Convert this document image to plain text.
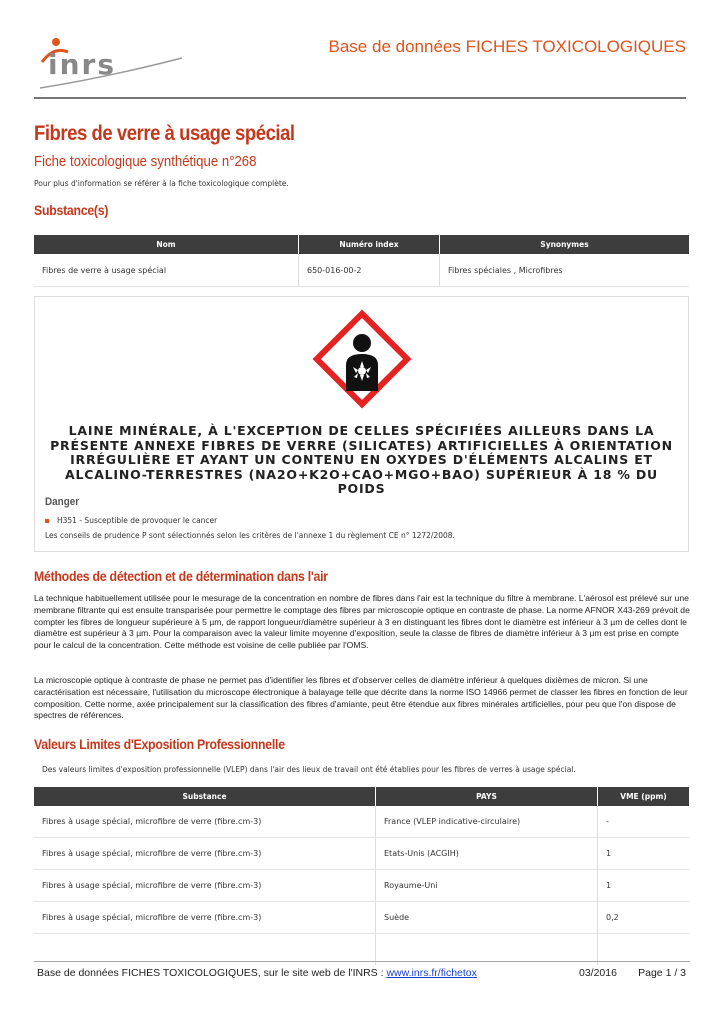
inrs
Base de données FICHES TOXICOLOGIQUES
Fibres de verre à usage spécial
Fiche toxicologique synthétique n°268
Pour plus d'information se référer à la fiche toxicologique complète.
Substance(s)
Nom	Numéro index	Synonymes
Fibres de verre à usage spécial	650-016-00-2	Fibres spéciales , Microfibres
LAINE MINÉRALE, À L'EXCEPTION DE CELLES SPÉCIFIÉES AILLEURS DANS LA PRÉSENTE ANNEXE FIBRES DE VERRE (SILICATES) ARTIFICIELLES À ORIENTATION IRRÉGULIÈRE ET AYANT UN CONTENU EN OXYDES D'ÉLÉMENTS ALCALINS ET ALCALINO-TERRESTRES (NA2O+K2O+CAO+MGO+BAO) SUPÉRIEUR À 18 % DU POIDS
Danger
H351 - Susceptible de provoquer le cancer
Les conseils de prudence P sont sélectionnés selon les critères de l'annexe 1 du règlement CE n° 1272/2008.
Méthodes de détection et de détermination dans l'air

La technique habituellement utilisée pour le mesurage de la concentration en nombre de fibres dans l'air est la technique du filtre à membrane. L'aérosol est prélevé sur une membrane filtrante qui est ensuite transparisée pour permettre le comptage des fibres par microscopie optique en contraste de phase. La norme AFNOR X43-269 prévoit de compter les fibres de longueur supérieure à 5 µm, de rapport longueur/diamètre supérieur à 3 en distinguant les fibres dont le diamètre est inférieur à 3 µm de celles dont le diamètre est supérieur à 3 µm. Pour la comparaison avec la valeur limite moyenne d'exposition, seule la classe de fibres de diamètre inférieur à 3 µm est prise en compte pour le calcul de la concentration. Cette méthode est voisine de celle publiée par l'OMS.

La microscopie optique à contraste de phase ne permet pas d'identifier les fibres et d'observer celles de diamètre inférieur à quelques dixièmes de micron. Si une caractérisation est nécessaire, l'utilisation du microscope électronique à balayage telle que décrite dans la norme ISO 14966 permet de classer les fibres en fonction de leur composition. Cette norme, axée principalement sur la classification des fibres d'amiante, peut être étendue aux fibres minérales artificielles, pour peu que l'on dispose de spectres de références.

Valeurs Limites d'Exposition Professionnelle
Des valeurs limites d'exposition professionnelle (VLEP) dans l'air des lieux de travail ont été établies pour les fibres de verres à usage spécial.
Substance	PAYS	VME (ppm)
Fibres à usage spécial, microfibre de verre (fibre.cm-3)	France (VLEP indicative-circulaire)	-
Fibres à usage spécial, microfibre de verre (fibre.cm-3)	Etats-Unis (ACGIH)	1
Fibres à usage spécial, microfibre de verre (fibre.cm-3)	Royaume-Uni	1
Fibres à usage spécial, microfibre de verre (fibre.cm-3)	Suède	0,2

Base de données FICHES TOXICOLOGIQUES, sur le site web de l'INRS : www.inrs.fr/fichetox	03/2016 Page 1 / 3
